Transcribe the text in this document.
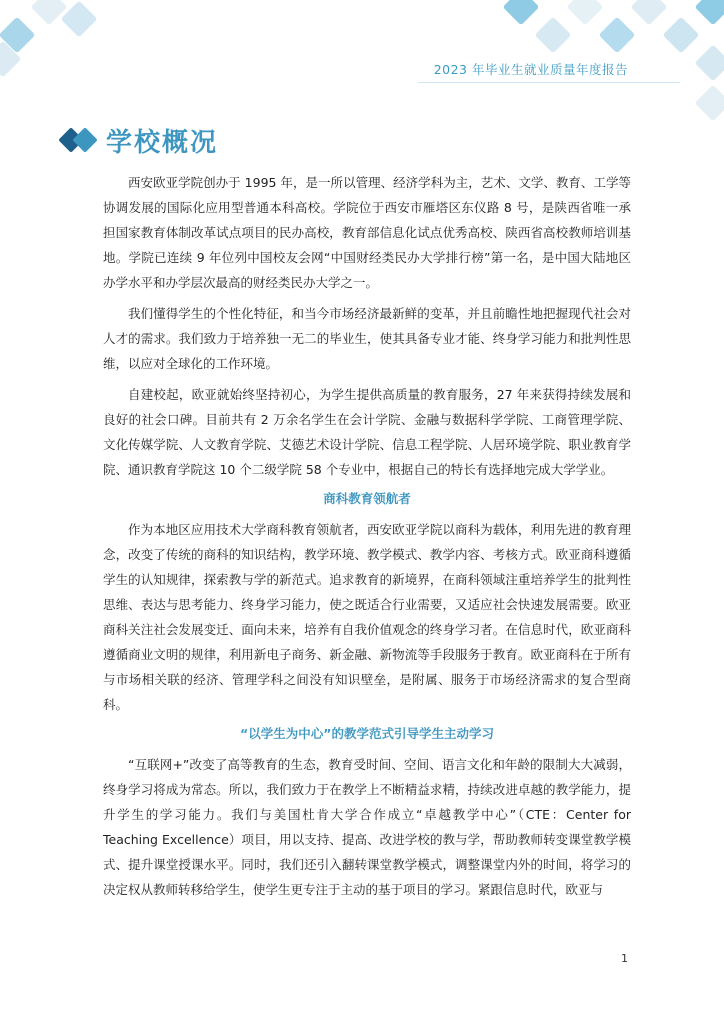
2023 年毕业生就业质量年度报告
学校概况

西安欧亚学院创办于 1995 年，是一所以管理、经济学科为主，艺术、文学、教育、工学等协调发展的国际化应用型普通本科高校。学院位于西安市雁塔区东仪路 8 号，是陕西省唯一承担国家教育体制改革试点项目的民办高校，教育部信息化试点优秀高校、陕西省高校教师培训基地。学院已连续 9 年位列中国校友会网“中国财经类民办大学排行榜”第一名，是中国大陆地区办学水平和办学层次最高的财经类民办大学之一。

我们懂得学生的个性化特征，和当今市场经济最新鲜的变革，并且前瞻性地把握现代社会对人才的需求。我们致力于培养独一无二的毕业生，使其具备专业才能、终身学习能力和批判性思维，以应对全球化的工作环境。

自建校起，欧亚就始终坚持初心，为学生提供高质量的教育服务，27 年来获得持续发展和良好的社会口碑。目前共有 2 万余名学生在会计学院、金融与数据科学学院、工商管理学院、文化传媒学院、人文教育学院、艾德艺术设计学院、信息工程学院、人居环境学院、职业教育学院、通识教育学院这 10 个二级学院 58 个专业中，根据自己的特长有选择地完成大学学业。

商科教育领航者

作为本地区应用技术大学商科教育领航者，西安欧亚学院以商科为载体，利用先进的教育理念，改变了传统的商科的知识结构，教学环境、教学模式、教学内容、考核方式。欧亚商科遵循学生的认知规律，探索教与学的新范式。追求教育的新境界，在商科领域注重培养学生的批判性思维、表达与思考能力、终身学习能力，使之既适合行业需要，又适应社会快速发展需要。欧亚商科关注社会发展变迁、面向未来，培养有自我价值观念的终身学习者。在信息时代，欧亚商科遵循商业文明的规律，利用新电子商务、新金融、新物流等手段服务于教育。欧亚商科在于所有与市场相关联的经济、管理学科之间没有知识壁垒，是附属、服务于市场经济需求的复合型商科。

“以学生为中心”的教学范式引导学生主动学习

“互联网+”改变了高等教育的生态，教育受时间、空间、语言文化和年龄的限制大大减弱，终身学习将成为常态。所以，我们致力于在教学上不断精益求精，持续改进卓越的教学能力，提升学生的学习能力。我们与美国杜肯大学合作成立“卓越教学中心”（CTE：Center for Teaching Excellence）项目，用以支持、提高、改进学校的教与学，帮助教师转变课堂教学模式、提升课堂授课水平。同时，我们还引入翻转课堂教学模式，调整课堂内外的时间，将学习的决定权从教师转移给学生，使学生更专注于主动的基于项目的学习。紧跟信息时代，欧亚与

1
